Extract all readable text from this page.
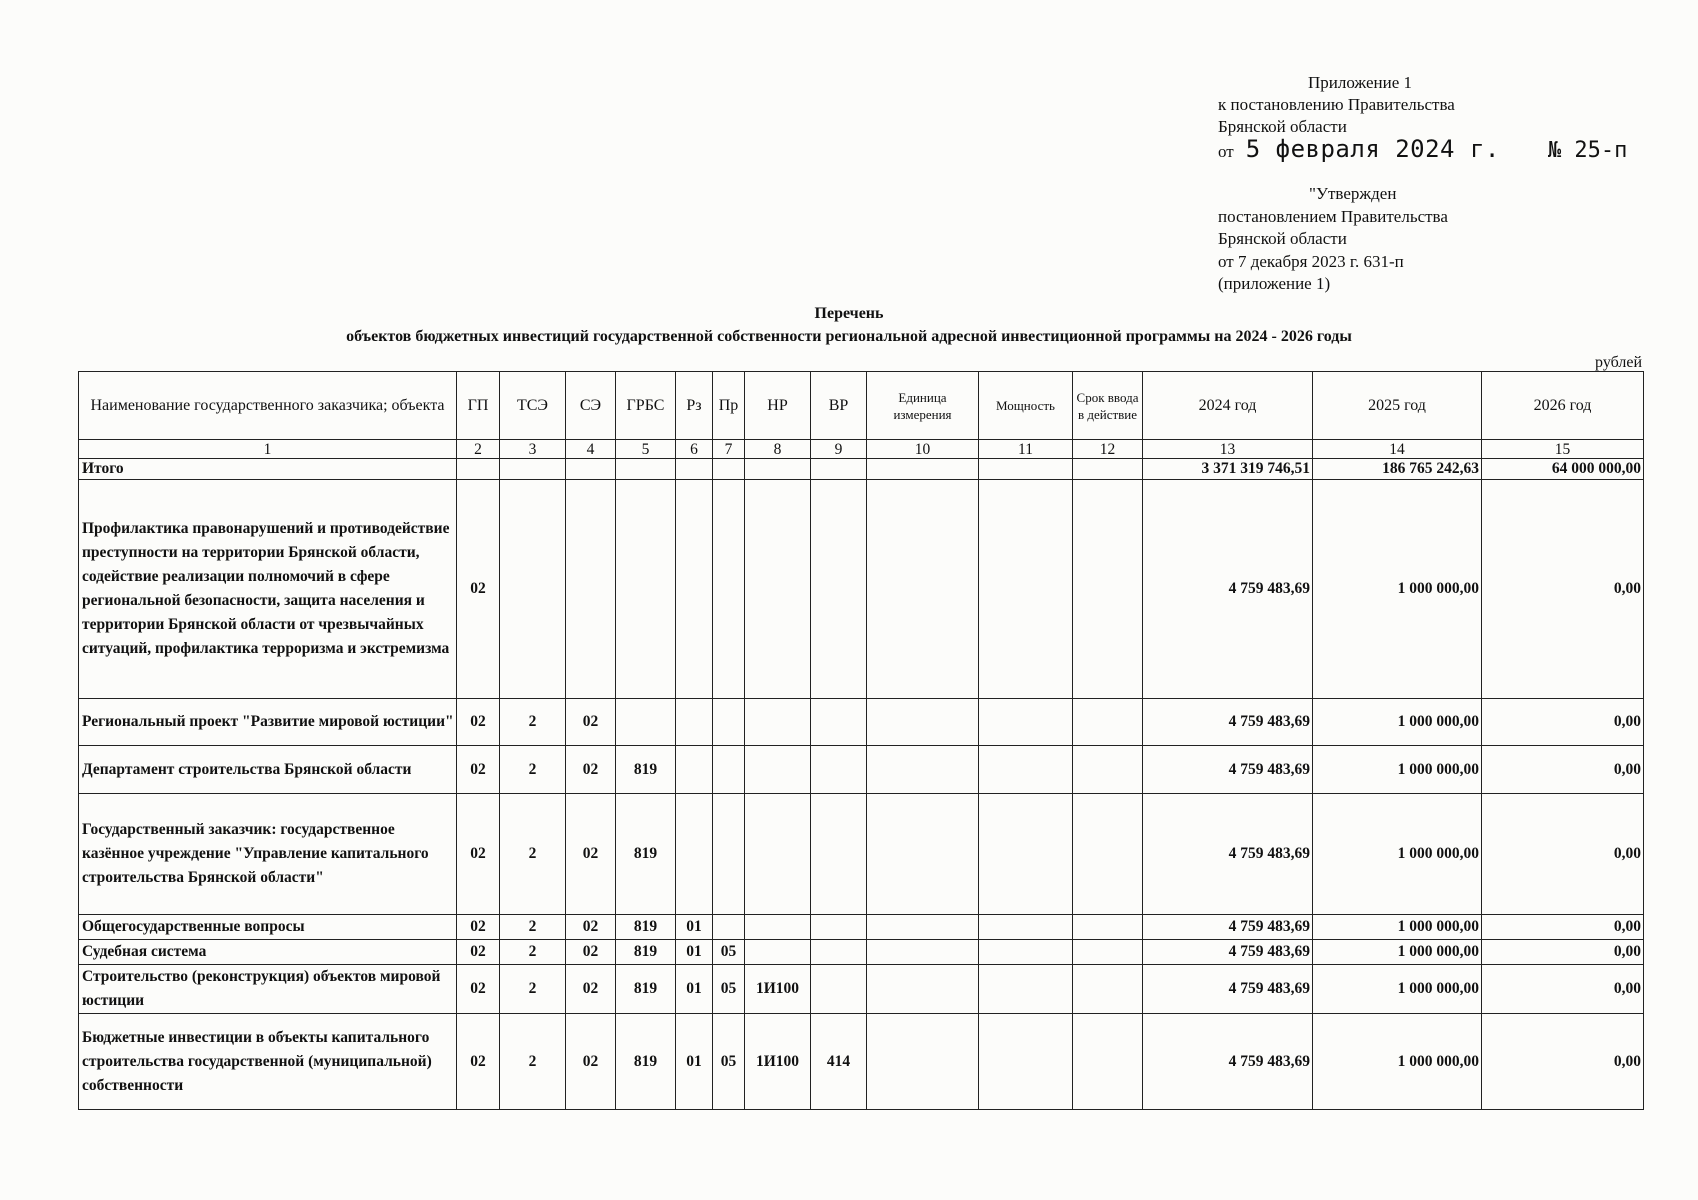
Приложение 1
к постановлению Правительства
Брянской области
от 5 февраля 2024 г. № 25-п
"Утвержден
постановлением Правительства
Брянской области
от 7 декабря 2023 г. 631-п
(приложение 1)
Перечень
объектов бюджетных инвестиций государственной собственности региональной адресной инвестиционной программы на 2024 - 2026 годы
рублей
Наименование государственного заказчика; объекта	ГП	ТСЭ	СЭ	ГРБС	Рз	Пр	НР	ВР	Единица измерения	Мощность	Срок ввода в действие	2024 год	2025 год	2026 год
1	2	3	4	5	6	7	8	9	10	11	12	13	14	15
Итого												3 371 319 746,51	186 765 242,63	64 000 000,00
Профилактика правонарушений и противодействие преступности на территории Брянской области, содействие реализации полномочий в сфере региональной безопасности, защита населения и территории Брянской области от чрезвычайных ситуаций, профилактика терроризма и экстремизма	02											4 759 483,69	1 000 000,00	0,00
Региональный проект "Развитие мировой юстиции"	02	2	02									4 759 483,69	1 000 000,00	0,00
Департамент строительства Брянской области	02	2	02	819								4 759 483,69	1 000 000,00	0,00
Государственный заказчик: государственное казённое учреждение "Управление капитального строительства Брянской области"	02	2	02	819								4 759 483,69	1 000 000,00	0,00
Общегосударственные вопросы	02	2	02	819	01							4 759 483,69	1 000 000,00	0,00
Судебная система	02	2	02	819	01	05						4 759 483,69	1 000 000,00	0,00
Строительство (реконструкция) объектов мировой юстиции	02	2	02	819	01	05	1И100					4 759 483,69	1 000 000,00	0,00
Бюджетные инвестиции в объекты капитального строительства государственной (муниципальной) собственности	02	2	02	819	01	05	1И100	414				4 759 483,69	1 000 000,00	0,00
